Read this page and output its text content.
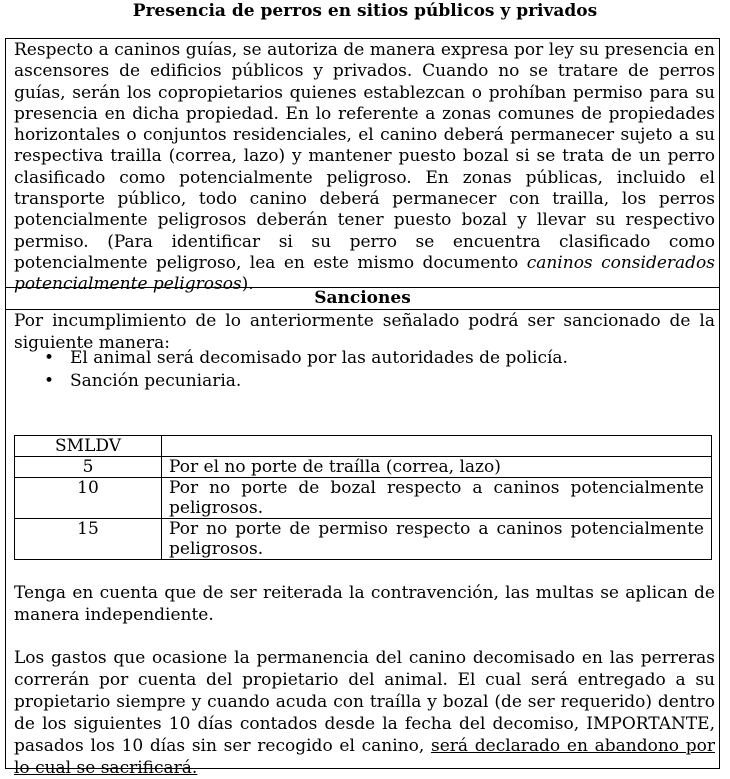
Presencia de perros en sitios públicos y privados

Respecto a caninos guías, se autoriza de manera expresa por ley su presencia en ascensores de edificios públicos y privados. Cuando no se tratare de perros guías, serán los copropietarios quienes establezcan o prohíban permiso para su presencia en dicha propiedad. En lo referente a zonas comunes de propiedades horizontales o conjuntos residenciales, el canino deberá permanecer sujeto a su respectiva trailla (correa, lazo) y mantener puesto bozal si se trata de un perro clasificado como potencialmente peligroso. En zonas públicas, incluido el transporte público, todo canino deberá permanecer con trailla, los perros potencialmente peligrosos deberán tener puesto bozal y llevar su respectivo permiso. (Para identificar si su perro se encuentra clasificado como potencialmente peligroso, lea en este mismo documento caninos considerados potencialmente peligrosos).

Sanciones

Por incumplimiento de lo anteriormente señalado podrá ser sancionado de la siguiente manera:

• El animal será decomisado por las autoridades de policía.
• Sanción pecuniaria.
SMLDV	
5	Por el no porte de traílla (correa, lazo)
10	Por no porte de bozal respecto a caninos potencialmente peligrosos.
15	Por no porte de permiso respecto a caninos potencialmente peligrosos.

Tenga en cuenta que de ser reiterada la contravención, las multas se aplican de manera independiente.

Los gastos que ocasione la permanencia del canino decomisado en las perreras correrán por cuenta del propietario del animal. El cual será entregado a su propietario siempre y cuando acuda con traílla y bozal (de ser requerido) dentro de los siguientes 10 días contados desde la fecha del decomiso, IMPORTANTE, pasados los 10 días sin ser recogido el canino, será declarado en abandono por lo cual se sacrificará.
